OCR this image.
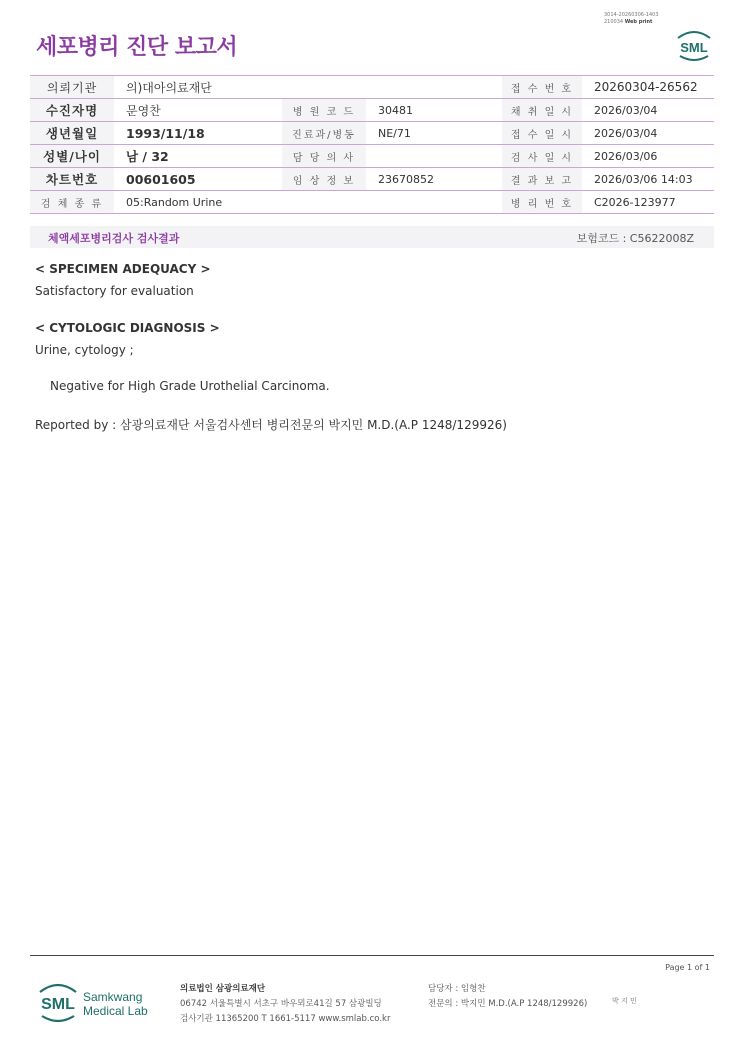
3014-20260306-1403
210034 Web print
세포병리 진단 보고서	SML
의뢰기관	의)대아의료재단			접 수 번 호	20260304-26562
수진자명	문영찬	병 원 코 드	30481	채 취 일 시	2026/03/04
생년월일	1993/11/18	진료과/병동	NE/71	접 수 일 시	2026/03/04
성별/나이	남 / 32	담 당 의 사		검 사 일 시	2026/03/06
차트번호	00601605	임 상 정 보	23670852	결 과 보 고	2026/03/06 14:03
검 체 종 류	05:Random Urine			병 리 번 호	C2026-123977
체액세포병리검사 검사결과	보험코드 : C5622008Z
< SPECIMEN ADEQUACY >
Satisfactory for evaluation
< CYTOLOGIC DIAGNOSIS >
Urine, cytology ;
Negative for High Grade Urothelial Carcinoma.
Reported by : 삼광의료재단 서울검사센터 병리전문의 박지민 M.D.(A.P 1248/129926)
Page 1 of 1
SML Samkwang
Medical Lab
의료법인 삼광의료재단
06742 서울특별시 서초구 바우뫼로41길 57 삼광빌딩
검사기관 11365200 T 1661-5117 www.smlab.co.kr
담당자 : 임형찬
전문의 : 박지민 M.D.(A.P 1248/129926)	박 지 민
